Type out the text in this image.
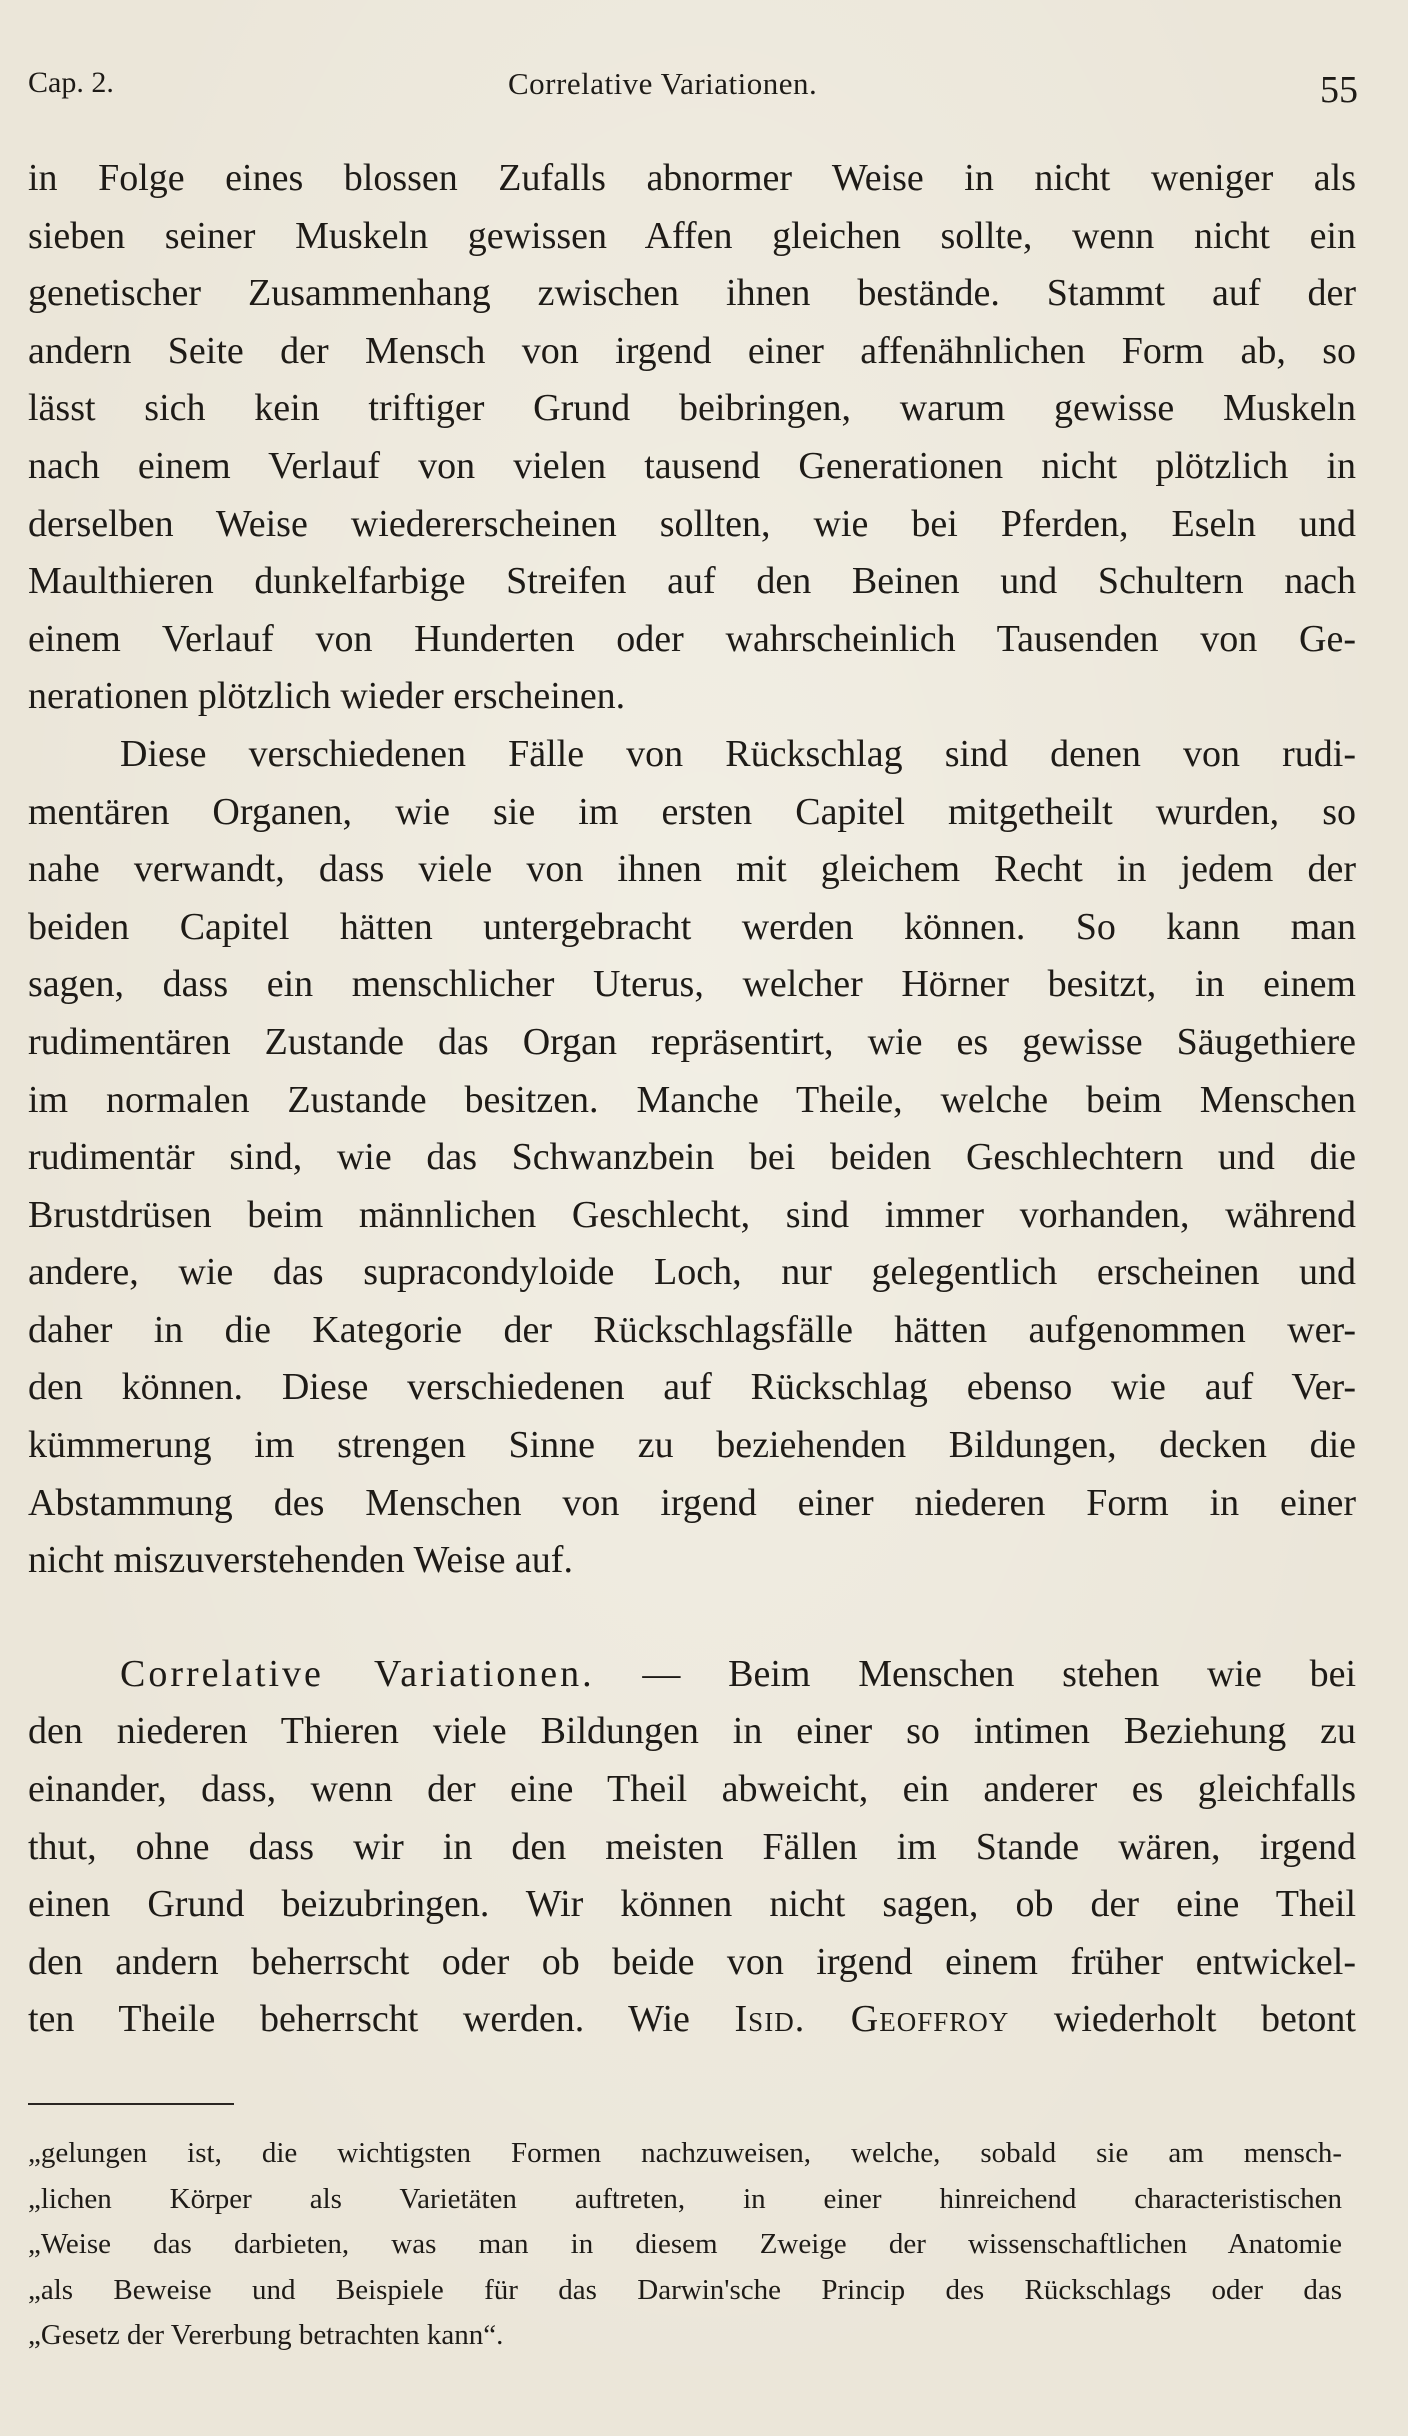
Cap. 2.	Correlative Variationen.	55
in Folge eines blossen Zufalls abnormer Weise in nicht weniger als
sieben seiner Muskeln gewissen Affen gleichen sollte, wenn nicht ein
genetischer Zusammenhang zwischen ihnen bestände. Stammt auf der
andern Seite der Mensch von irgend einer affenähnlichen Form ab, so
lässt sich kein triftiger Grund beibringen, warum gewisse Muskeln
nach einem Verlauf von vielen tausend Generationen nicht plötzlich in
derselben Weise wiedererscheinen sollten, wie bei Pferden, Eseln und
Maulthieren dunkelfarbige Streifen auf den Beinen und Schultern nach
einem Verlauf von Hunderten oder wahrscheinlich Tausenden von Ge-
nerationen plötzlich wieder erscheinen.
Diese verschiedenen Fälle von Rückschlag sind denen von rudi-
mentären Organen, wie sie im ersten Capitel mitgetheilt wurden, so
nahe verwandt, dass viele von ihnen mit gleichem Recht in jedem der
beiden Capitel hätten untergebracht werden können. So kann man
sagen, dass ein menschlicher Uterus, welcher Hörner besitzt, in einem
rudimentären Zustande das Organ repräsentirt, wie es gewisse Säugethiere
im normalen Zustande besitzen. Manche Theile, welche beim Menschen
rudimentär sind, wie das Schwanzbein bei beiden Geschlechtern und die
Brustdrüsen beim männlichen Geschlecht, sind immer vorhanden, während
andere, wie das supracondyloide Loch, nur gelegentlich erscheinen und
daher in die Kategorie der Rückschlagsfälle hätten aufgenommen wer-
den können. Diese verschiedenen auf Rückschlag ebenso wie auf Ver-
kümmerung im strengen Sinne zu beziehenden Bildungen, decken die
Abstammung des Menschen von irgend einer niederen Form in einer
nicht miszuverstehenden Weise auf.
Correlative Variationen. — Beim Menschen stehen wie bei
den niederen Thieren viele Bildungen in einer so intimen Beziehung zu
einander, dass, wenn der eine Theil abweicht, ein anderer es gleichfalls
thut, ohne dass wir in den meisten Fällen im Stande wären, irgend
einen Grund beizubringen. Wir können nicht sagen, ob der eine Theil
den andern beherrscht oder ob beide von irgend einem früher entwickel-
ten Theile beherrscht werden. Wie Isid. Geoffroy wiederholt betont
„gelungen ist, die wichtigsten Formen nachzuweisen, welche, sobald sie am mensch-
„lichen Körper als Varietäten auftreten, in einer hinreichend characteristischen
„Weise das darbieten, was man in diesem Zweige der wissenschaftlichen Anatomie
„als Beweise und Beispiele für das Darwin'sche Princip des Rückschlags oder das
„Gesetz der Vererbung betrachten kann“.
